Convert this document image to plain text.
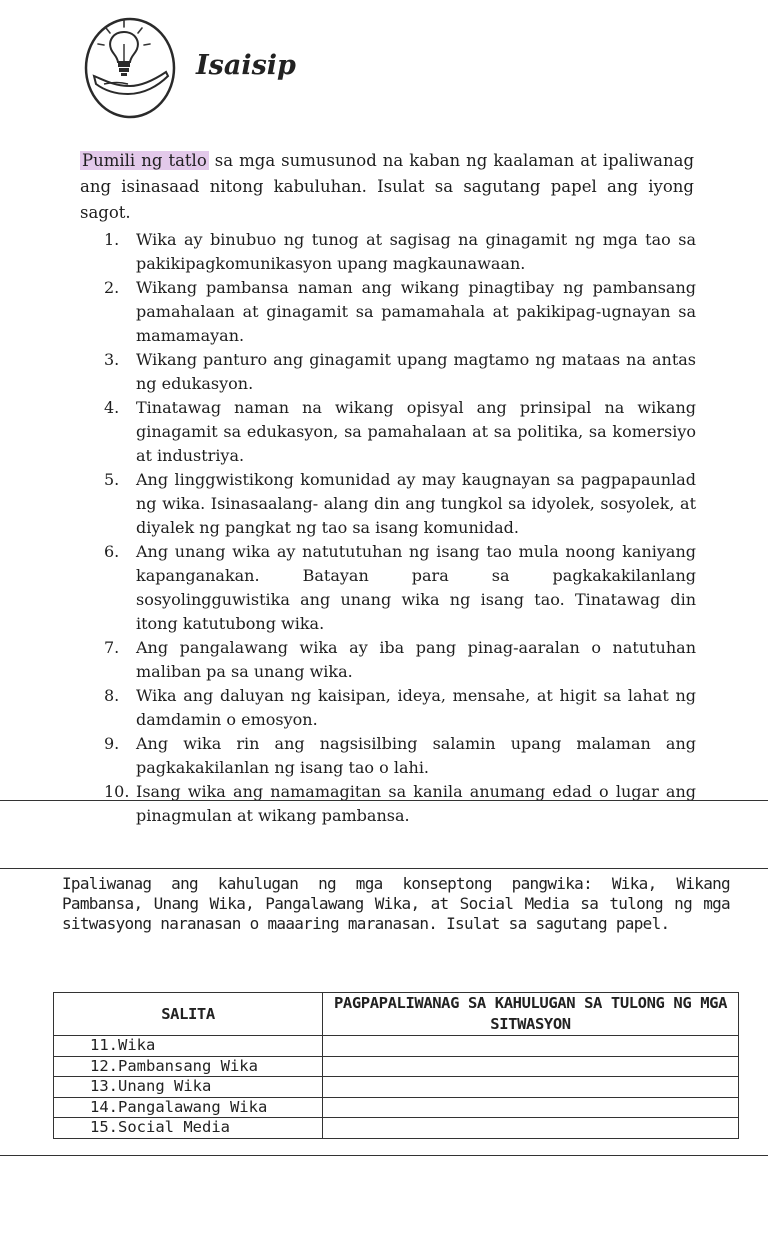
Isaisip
Pumili ng tatlo sa mga sumusunod na kaban ng kaalaman at ipaliwanag ang isinasaad nitong kabuluhan. Isulat sa sagutang papel ang iyong sagot.
1. Wika ay binubuo ng tunog at sagisag na ginagamit ng mga tao sa pakikipagkomunikasyon upang magkaunawaan.
2. Wikang pambansa naman ang wikang pinagtibay ng pambansang pamahalaan at ginagamit sa pamamahala at pakikipag-ugnayan sa mamamayan.
3. Wikang panturo ang ginagamit upang magtamo ng mataas na antas ng edukasyon.
4. Tinatawag naman na wikang opisyal ang prinsipal na wikang ginagamit sa edukasyon, sa pamahalaan at sa politika, sa komersiyo at industriya.
5. Ang linggwistikong komunidad ay may kaugnayan sa pagpapaunlad ng wika. Isinasaalang- alang din ang tungkol sa idyolek, sosyolek, at diyalek ng pangkat ng tao sa isang komunidad.
6. Ang unang wika ay natututuhan ng isang tao mula noong kaniyang kapanganakan. Batayan para sa pagkakakilanlang sosyolingguwistika ang unang wika ng isang tao. Tinatawag din itong katutubong wika.
7. Ang pangalawang wika ay iba pang pinag-aaralan o natutuhan maliban pa sa unang wika.
8. Wika ang daluyan ng kaisipan, ideya, mensahe, at higit sa lahat ng damdamin o emosyon.
9. Ang wika rin ang nagsisilbing salamin upang malaman ang pagkakakilanlan ng isang tao o lahi.
10. Isang wika ang namamagitan sa kanila anumang edad o lugar ang pinagmulan at wikang pambansa.
Ipaliwanag ang kahulugan ng mga konseptong pangwika: Wika, Wikang Pambansa, Unang Wika, Pangalawang Wika, at Social Media sa tulong ng mga sitwasyong naranasan o maaaring maranasan. Isulat sa sagutang papel.
SALITA	PAGPAPALIWANAG SA KAHULUGAN SA TULONG NG MGA SITWASYON
11.Wika	
12.Pambansang Wika	
13.Unang Wika	
14.Pangalawang Wika	
15.Social Media	
